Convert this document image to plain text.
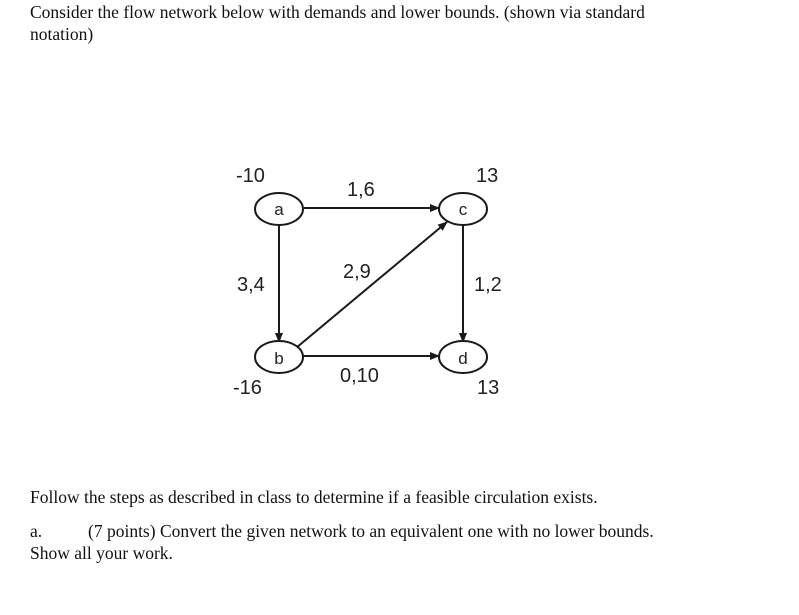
Consider the flow network below with demands and lower bounds. (shown via standard
notation)
a	c
b	d
-10	13
-16	13
1,6
3,4
2,9
1,2
0,10
Follow the steps as described in class to determine if a feasible circulation exists.
a.	(7 points) Convert the given network to an equivalent one with no lower bounds.
Show all your work.
